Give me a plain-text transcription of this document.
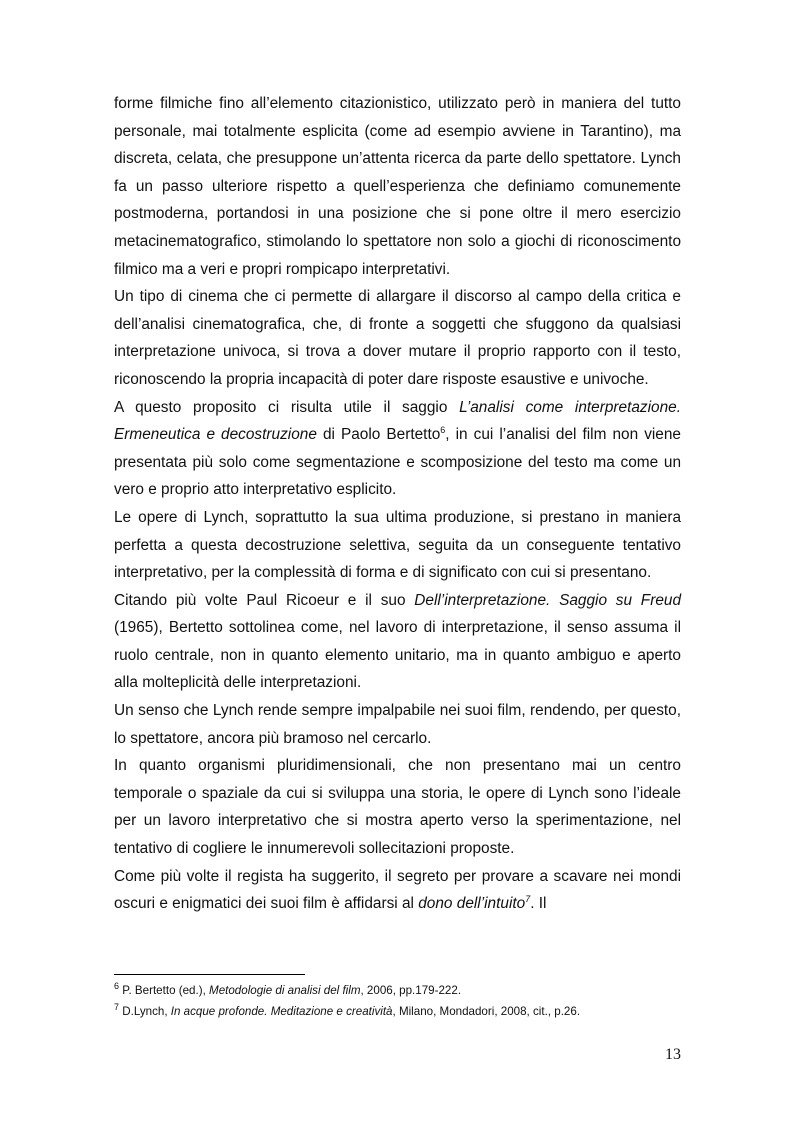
forme filmiche fino all’elemento citazionistico, utilizzato però in maniera del tutto personale, mai totalmente esplicita (come ad esempio avviene in Tarantino), ma discreta, celata, che presuppone un’attenta ricerca da parte dello spettatore. Lynch fa un passo ulteriore rispetto a quell’esperienza che definiamo comunemente postmoderna, portandosi in una posizione che si pone oltre il mero esercizio metacinematografico, stimolando lo spettatore non solo a giochi di riconoscimento filmico ma a veri e propri rompicapo interpretativi.

Un tipo di cinema che ci permette di allargare il discorso al campo della critica e dell’analisi cinematografica, che, di fronte a soggetti che sfuggono da qualsiasi interpretazione univoca, si trova a dover mutare il proprio rapporto con il testo, riconoscendo la propria incapacità di poter dare risposte esaustive e univoche.

A questo proposito ci risulta utile il saggio L’analisi come interpretazione. Ermeneutica e decostruzione di Paolo Bertetto$^6$, in cui l’analisi del film non viene presentata più solo come segmentazione e scomposizione del testo ma come un vero e proprio atto interpretativo esplicito.

Le opere di Lynch, soprattutto la sua ultima produzione, si prestano in maniera perfetta a questa decostruzione selettiva, seguita da un conseguente tentativo interpretativo, per la complessità di forma e di significato con cui si presentano.

Citando più volte Paul Ricoeur e il suo Dell’interpretazione. Saggio su Freud (1965), Bertetto sottolinea come, nel lavoro di interpretazione, il senso assuma il ruolo centrale, non in quanto elemento unitario, ma in quanto ambiguo e aperto alla molteplicità delle interpretazioni.

Un senso che Lynch rende sempre impalpabile nei suoi film, rendendo, per questo, lo spettatore, ancora più bramoso nel cercarlo.

In quanto organismi pluridimensionali, che non presentano mai un centro temporale o spaziale da cui si sviluppa una storia, le opere di Lynch sono l’ideale per un lavoro interpretativo che si mostra aperto verso la sperimentazione, nel tentativo di cogliere le innumerevoli sollecitazioni proposte.

Come più volte il regista ha suggerito, il segreto per provare a scavare nei mondi oscuri e enigmatici dei suoi film è affidarsi al dono dell’intuito$^7$. Il

$^6$ P. Bertetto (ed.), Metodologie di analisi del film, 2006, pp.179-222.

$^7$ D.Lynch, In acque profonde. Meditazione e creatività, Milano, Mondadori, 2008, cit., p.26.

13
